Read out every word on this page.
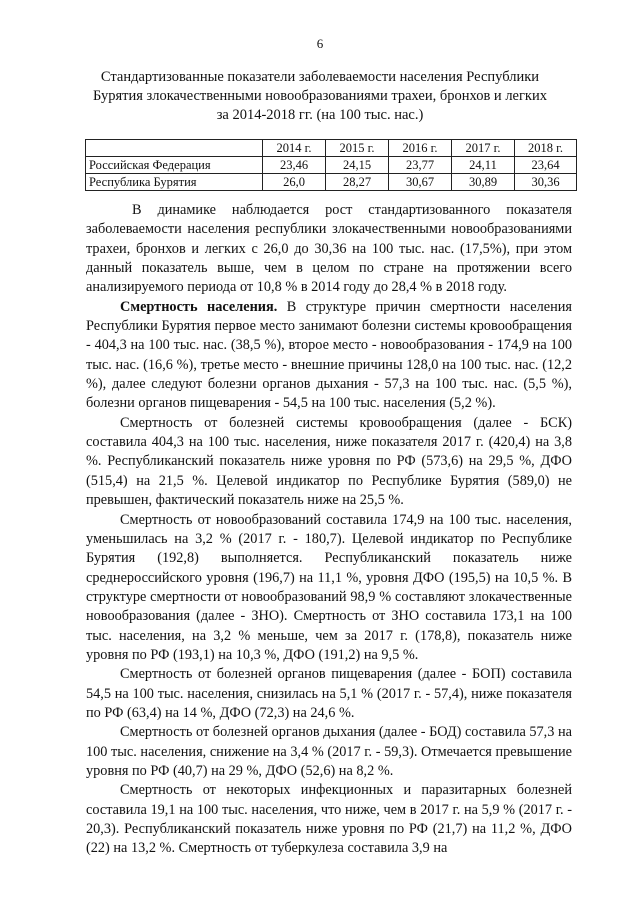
6
Стандартизованные показатели заболеваемости населения Республики
Бурятия злокачественными новообразованиями трахеи, бронхов и легких
за 2014-2018 гг. (на 100 тыс. нас.)
	2014 г.	2015 г.	2016 г.	2017 г.	2018 г.
Российская Федерация	23,46	24,15	23,77	24,11	23,64
Республика Бурятия	26,0	28,27	30,67	30,89	30,36

В динамике наблюдается рост стандартизованного показателя заболеваемости населения республики злокачественными новообразованиями трахеи, бронхов и легких с 26,0 до 30,36 на 100 тыс. нас. (17,5%), при этом данный показатель выше, чем в целом по стране на протяжении всего анализируемого периода от 10,8 % в 2014 году до 28,4 % в 2018 году.

Смертность населения. В структуре причин смертности населения Республики Бурятия первое место занимают болезни системы кровообращения - 404,3 на 100 тыс. нас. (38,5 %), второе место - новообразования - 174,9 на 100 тыс. нас. (16,6 %), третье место - внешние причины 128,0 на 100 тыс. нас. (12,2 %), далее следуют болезни органов дыхания - 57,3 на 100 тыс. нас. (5,5 %), болезни органов пищеварения - 54,5 на 100 тыс. населения (5,2 %).

Смертность от болезней системы кровообращения (далее - БСК) составила 404,3 на 100 тыс. населения, ниже показателя 2017 г. (420,4) на 3,8 %. Республиканский показатель ниже уровня по РФ (573,6) на 29,5 %, ДФО (515,4) на 21,5 %. Целевой индикатор по Республике Бурятия (589,0) не превышен, фактический показатель ниже на 25,5 %.

Смертность от новообразований составила 174,9 на 100 тыс. населения, уменьшилась на 3,2 % (2017 г. - 180,7). Целевой индикатор по Республике Бурятия (192,8) выполняется. Республиканский показатель ниже среднероссийского уровня (196,7) на 11,1 %, уровня ДФО (195,5) на 10,5 %. В структуре смертности от новообразований 98,9 % составляют злокачественные новообразования (далее - ЗНО). Смертность от ЗНО составила 173,1 на 100 тыс. населения, на 3,2 % меньше, чем за 2017 г. (178,8), показатель ниже уровня по РФ (193,1) на 10,3 %, ДФО (191,2) на 9,5 %.

Смертность от болезней органов пищеварения (далее - БОП) составила 54,5 на 100 тыс. населения, снизилась на 5,1 % (2017 г. - 57,4), ниже показателя по РФ (63,4) на 14 %, ДФО (72,3) на 24,6 %.

Смертность от болезней органов дыхания (далее - БОД) составила 57,3 на 100 тыс. населения, снижение на 3,4 % (2017 г. - 59,3). Отмечается превышение уровня по РФ (40,7) на 29 %, ДФО (52,6) на 8,2 %.

Смертность от некоторых инфекционных и паразитарных болезней составила 19,1 на 100 тыс. населения, что ниже, чем в 2017 г. на 5,9 % (2017 г. - 20,3). Республиканский показатель ниже уровня по РФ (21,7) на 11,2 %, ДФО (22) на 13,2 %. Смертность от туберкулеза составила 3,9 на
